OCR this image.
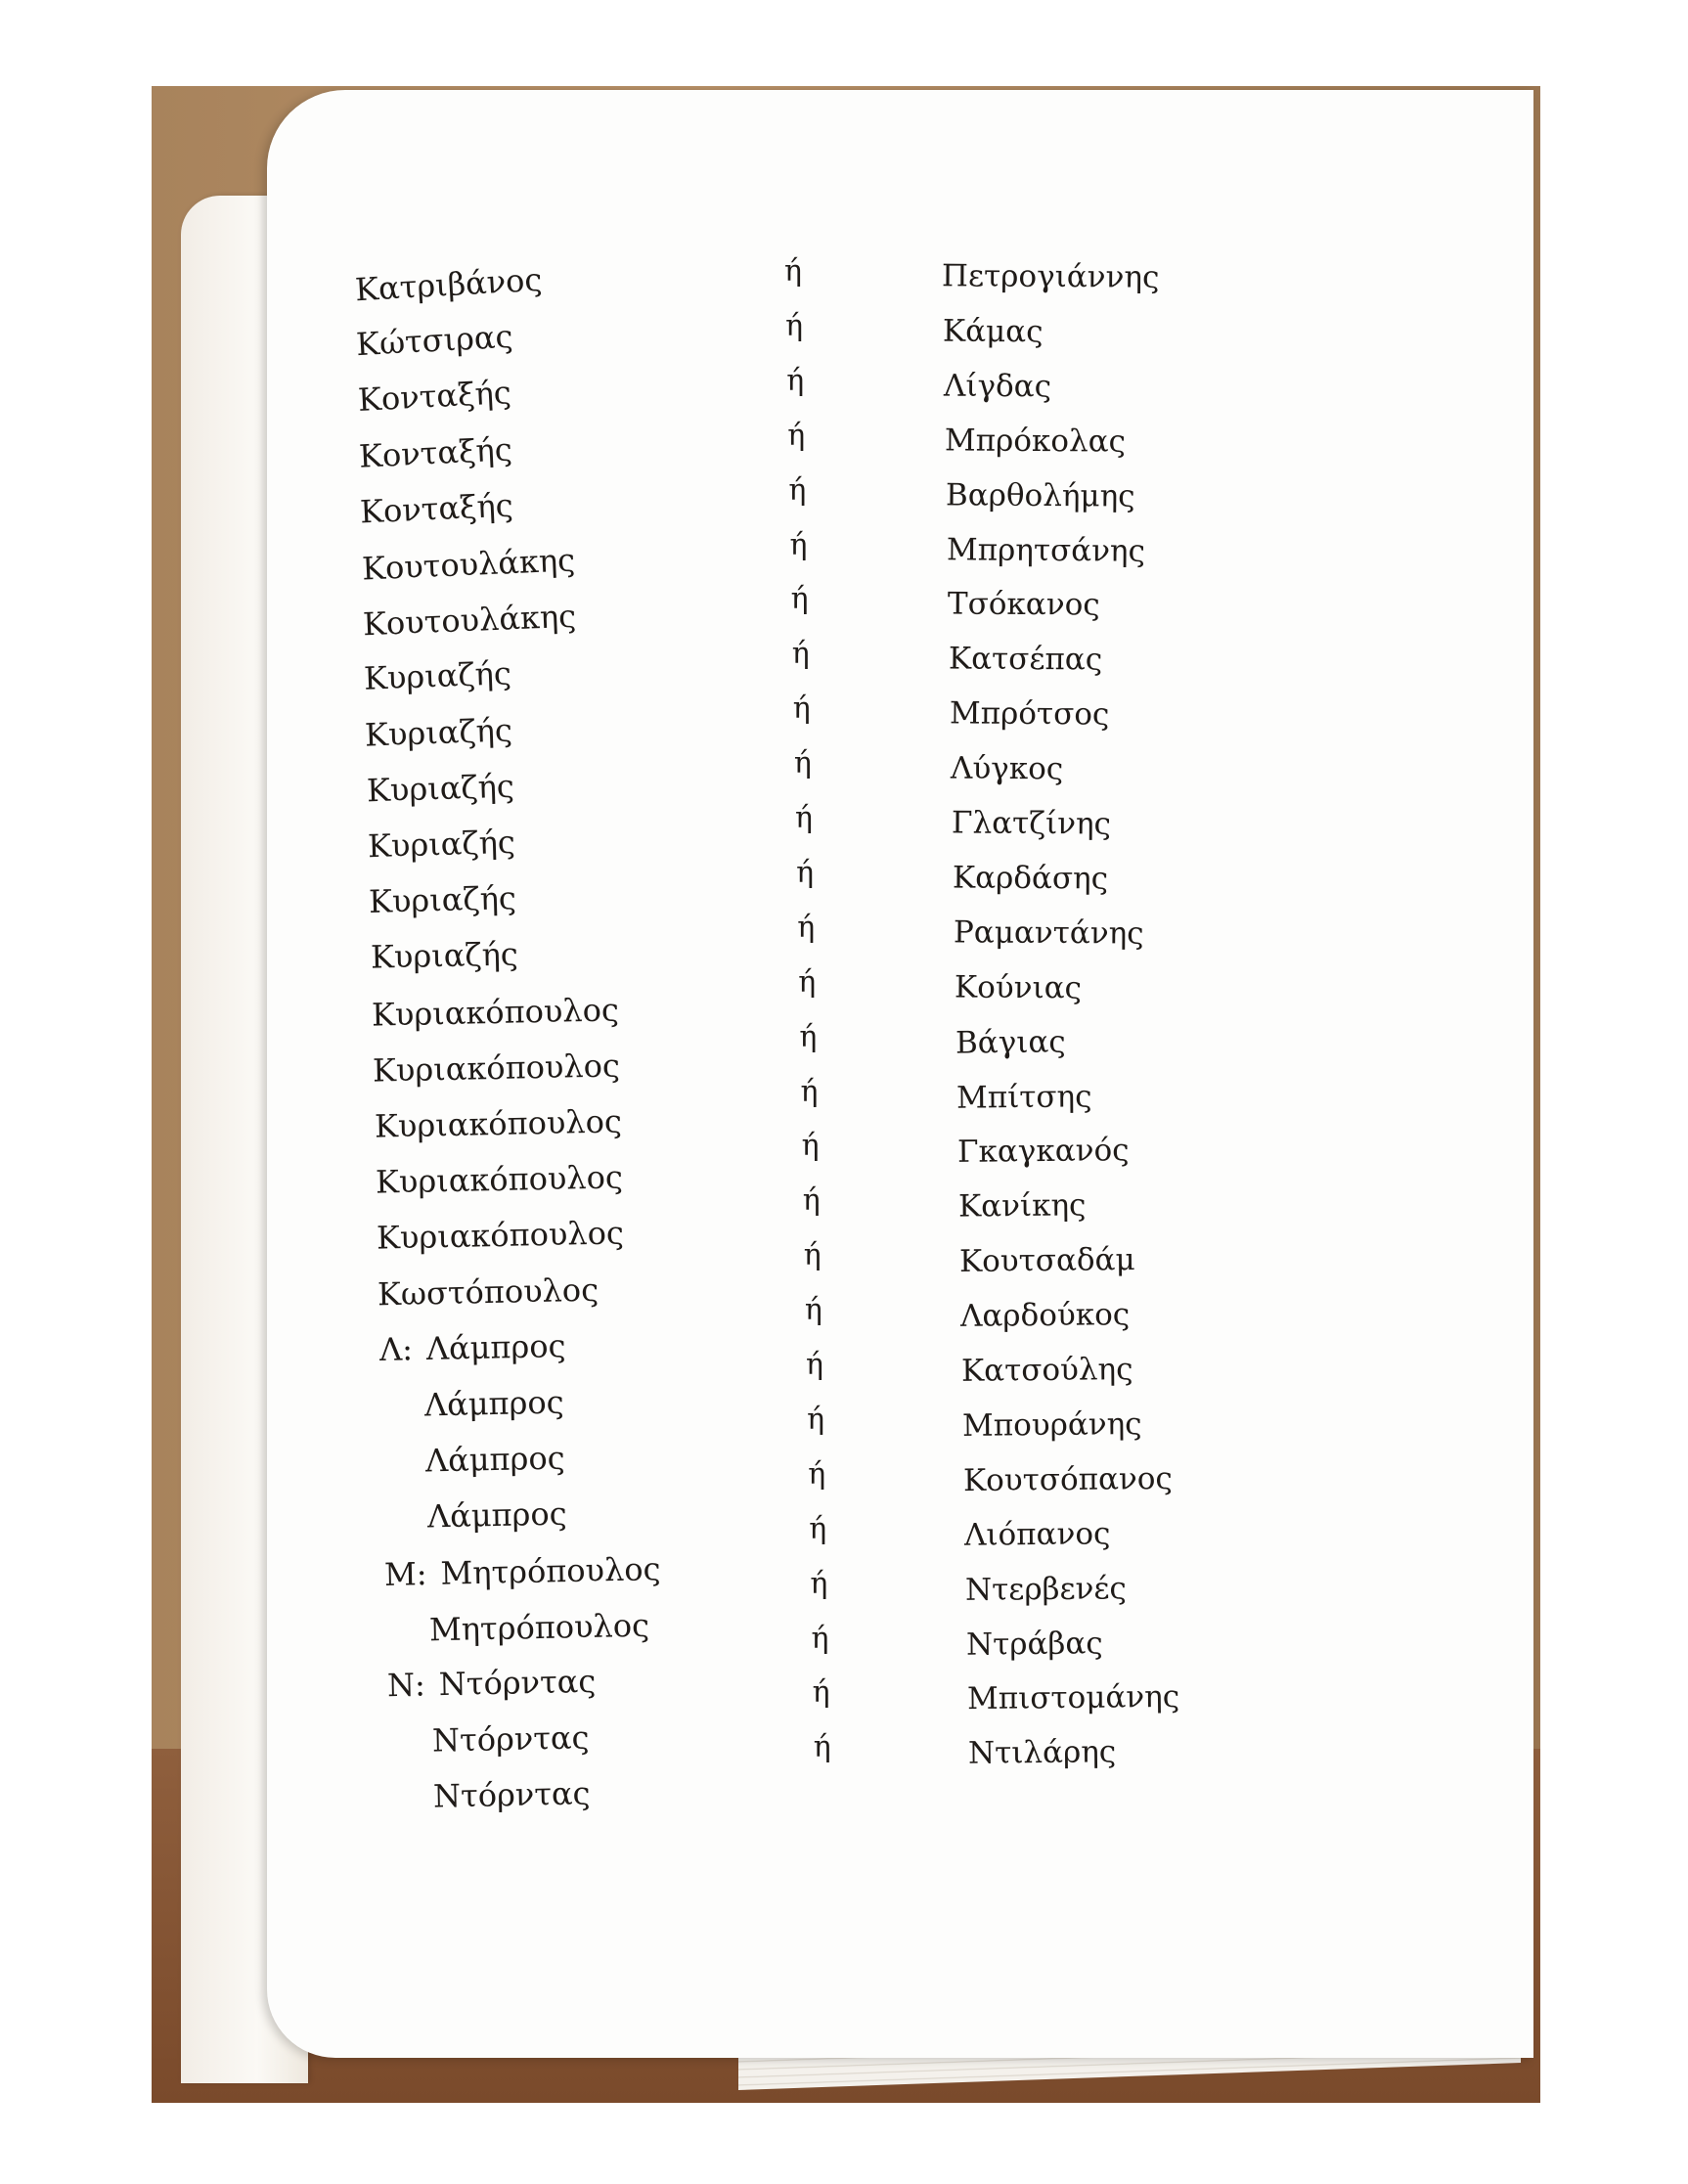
Κατριβάνος
Κώτσιρας
Κονταξής
Κονταξής
Κονταξής
Κουτουλάκης
Κουτουλάκης
Κυριαζής
Κυριαζής
Κυριαζής
Κυριαζής
Κυριαζής
Κυριαζής
Κυριακόπουλος
Κυριακόπουλος
Κυριακόπουλος
Κυριακόπουλος
Κυριακόπουλος
Κωστόπουλος
Λ: Λάμπρος
Λάμπρος
Λάμπρος
Λάμπρος
Μ: Μητρόπουλος
Μητρόπουλος
Ν: Ντόρντας
Ντόρντας
Ντόρντας
ή
ή
ή
ή
ή
ή
ή
ή
ή
ή
ή
ή
ή
ή
ή
ή
ή
ή
ή
ή
ή
ή
ή
ή
ή
ή
ή
ή
Πετρογιάννης
Κάμας
Λίγδας
Μπρόκολας
Βαρθολήμης
Μπρητσάνης
Τσόκανος
Κατσέπας
Μπρότσος
Λύγκος
Γλατζίνης
Καρδάσης
Ραμαντάνης
Κούνιας
Βάγιας
Μπίτσης
Γκαγκανός
Κανίκης
Κουτσαδάμ
Λαρδούκος
Κατσούλης
Μπουράνης
Κουτσόπανος
Λιόπανος
Ντερβενές
Ντράβας
Μπιστομάνης
Ντιλάρης
